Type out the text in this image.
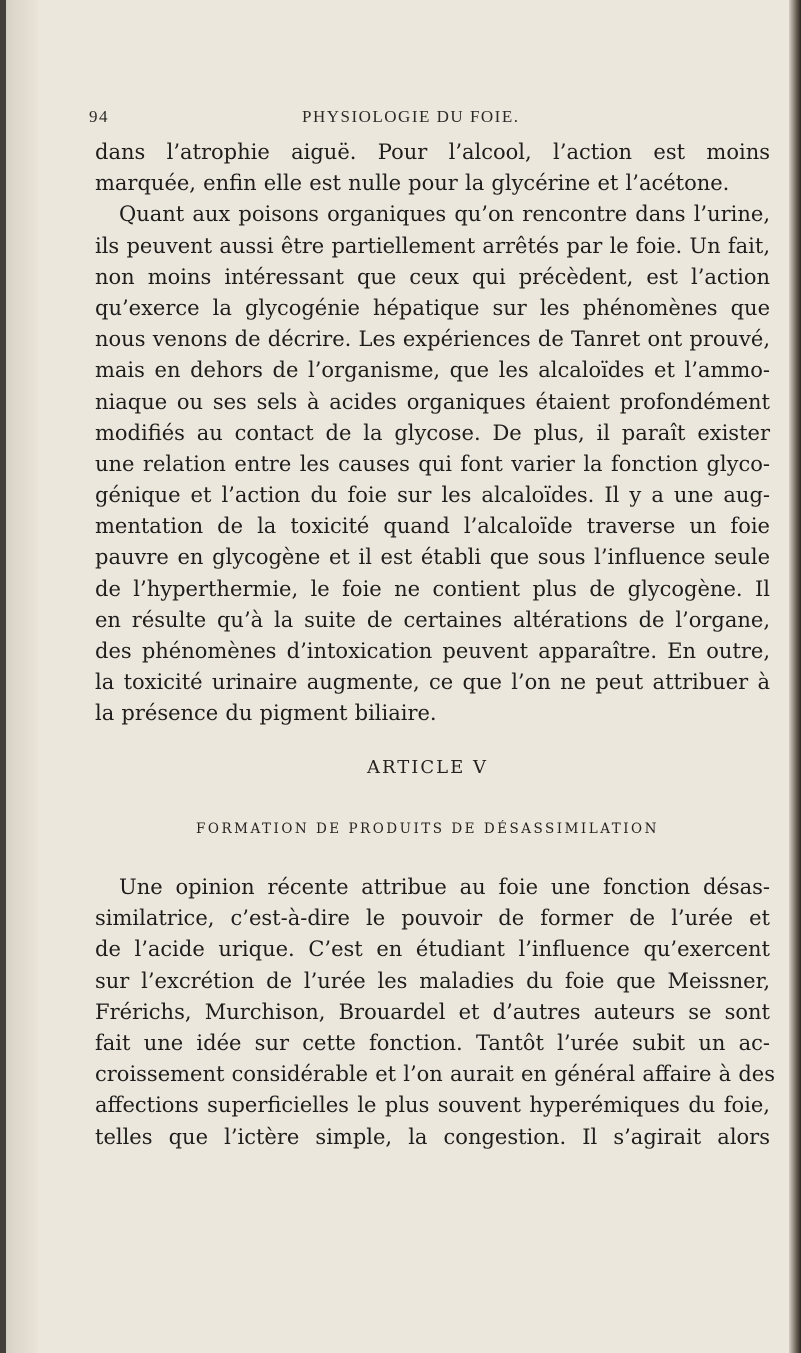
94	PHYSIOLOGIE DU FOIE.
dans l’atrophie aiguë. Pour l’alcool, l’action est moins
marquée, enfin elle est nulle pour la glycérine et l’acétone.
Quant aux poisons organiques qu’on rencontre dans l’urine,
ils peuvent aussi être partiellement arrêtés par le foie. Un fait,
non moins intéressant que ceux qui précèdent, est l’action
qu’exerce la glycogénie hépatique sur les phénomènes que
nous venons de décrire. Les expériences de Tanret ont prouvé,
mais en dehors de l’organisme, que les alcaloïdes et l’ammo-
niaque ou ses sels à acides organiques étaient profondément
modifiés au contact de la glycose. De plus, il paraît exister
une relation entre les causes qui font varier la fonction glyco-
génique et l’action du foie sur les alcaloïdes. Il y a une aug-
mentation de la toxicité quand l’alcaloïde traverse un foie
pauvre en glycogène et il est établi que sous l’influence seule
de l’hyperthermie, le foie ne contient plus de glycogène. Il
en résulte qu’à la suite de certaines altérations de l’organe,
des phénomènes d’intoxication peuvent apparaître. En outre,
la toxicité urinaire augmente, ce que l’on ne peut attribuer à
la présence du pigment biliaire.
ARTICLE V
FORMATION DE PRODUITS DE DÉSASSIMILATION
Une opinion récente attribue au foie une fonction désas-
similatrice, c’est-à-dire le pouvoir de former de l’urée et
de l’acide urique. C’est en étudiant l’influence qu’exercent
sur l’excrétion de l’urée les maladies du foie que Meissner,
Frérichs, Murchison, Brouardel et d’autres auteurs se sont
fait une idée sur cette fonction. Tantôt l’urée subit un ac-
croissement considérable et l’on aurait en général affaire à des
affections superficielles le plus souvent hyperémiques du foie,
telles que l’ictère simple, la congestion. Il s’agirait alors
